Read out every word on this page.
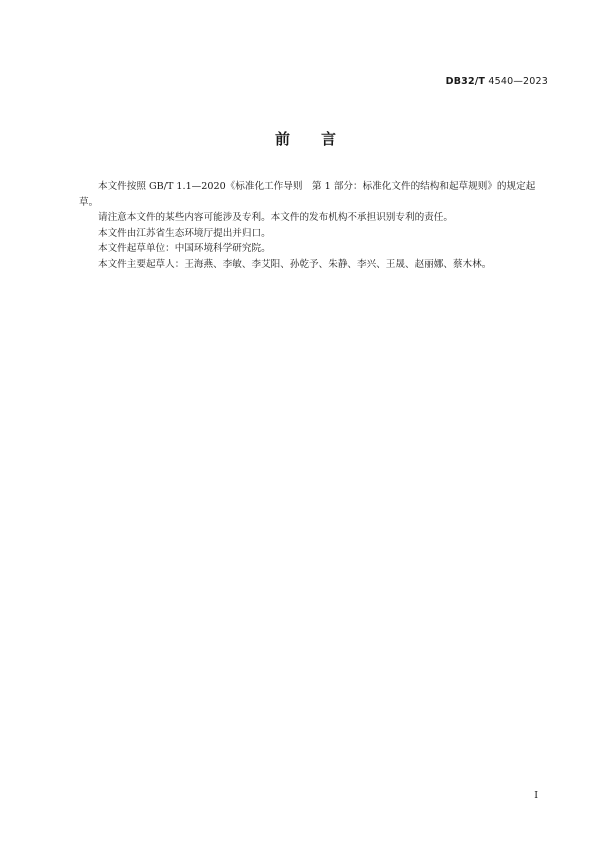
DB32/T 4540—2023
前 言

本文件按照 GB/T 1.1—2020《标准化工作导则　第 1 部分：标准化文件的结构和起草规则》的规定起草。

请注意本文件的某些内容可能涉及专利。本文件的发布机构不承担识别专利的责任。

本文件由江苏省生态环境厅提出并归口。

本文件起草单位：中国环境科学研究院。

本文件主要起草人：王海燕、李敏、李艾阳、孙乾予、朱静、李兴、王晟、赵丽娜、蔡木林。

I
